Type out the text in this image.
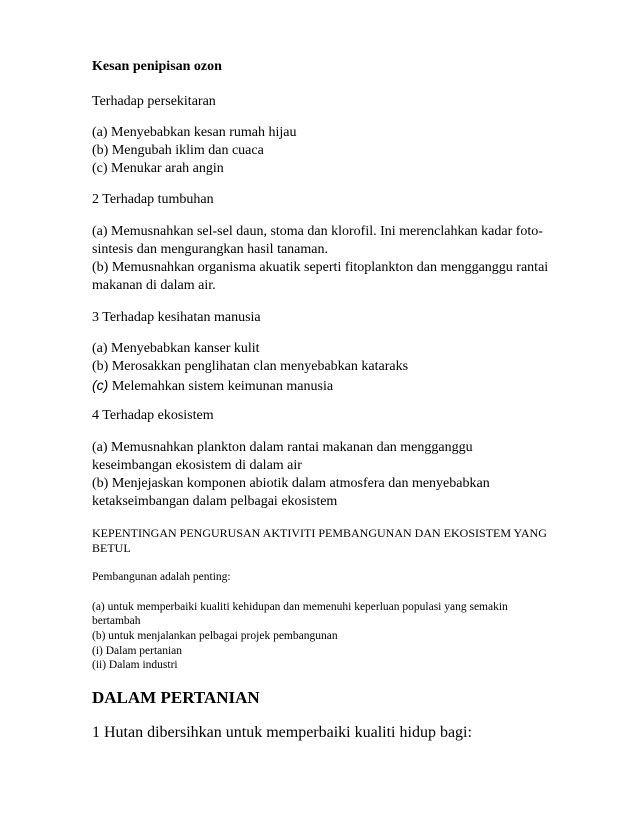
Kesan penipisan ozon
Terhadap persekitaran
(a) Menyebabkan kesan rumah hijau
(b) Mengubah iklim dan cuaca
(c) Menukar arah angin
2 Terhadap tumbuhan
(a) Memusnahkan sel-sel daun, stoma dan klorofil. Ini merenclahkan kadar foto-
sintesis dan mengurangkan hasil tanaman.
(b) Memusnahkan organisma akuatik seperti fitoplankton dan mengganggu rantai
makanan di dalam air.
3 Terhadap kesihatan manusia
(a) Menyebabkan kanser kulit
(b) Merosakkan penglihatan clan menyebabkan kataraks
(c) Melemahkan sistem keimunan manusia
4 Terhadap ekosistem
(a) Memusnahkan plankton dalam rantai makanan dan mengganggu
keseimbangan ekosistem di dalam air
(b) Menjejaskan komponen abiotik dalam atmosfera dan menyebabkan
ketakseimbangan dalam pelbagai ekosistem
KEPENTINGAN PENGURUSAN AKTIVITI PEMBANGUNAN DAN EKOSISTEM YANG
BETUL
Pembangunan adalah penting:
(a) untuk memperbaiki kualiti kehidupan dan memenuhi keperluan populasi yang semakin
bertambah
(b) untuk menjalankan pelbagai projek pembangunan
(i) Dalam pertanian
(ii) Dalam industri
DALAM PERTANIAN
1 Hutan dibersihkan untuk memperbaiki kualiti hidup bagi:
